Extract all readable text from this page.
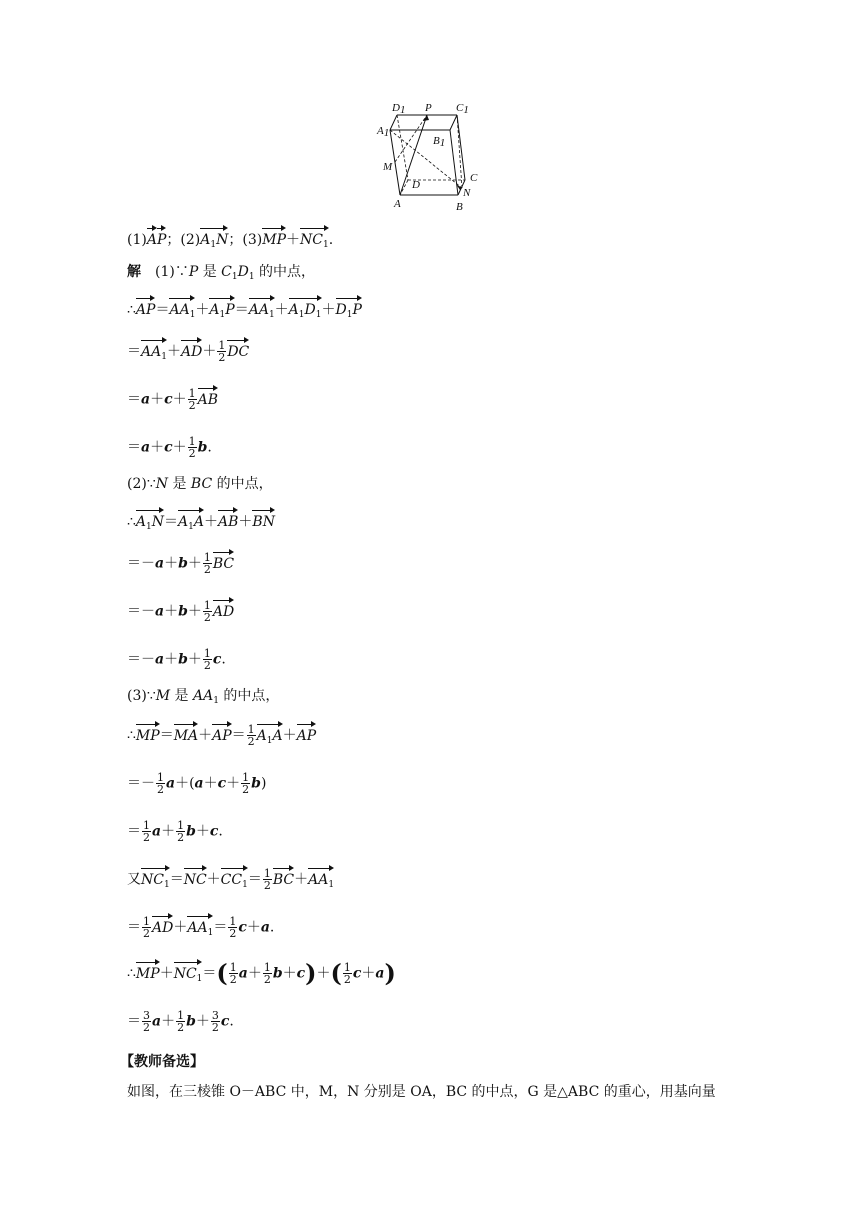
D1 P C1
A1
B1
M
D
C
N
A	B
(1)AP；$(2)A_1N$；$(3)MP+NC_1$.
解　(1)∵P 是 $C_1D_1$ 的中点，
$\therefore AP=AA_1+A_1P=AA_1+A_1D_1+D_1P$
$=AA_1+AD+ \frac{1}{2}$ DC
$=a+c+ \frac{1}{2}$ AB
$=a+c+ \frac{1}{2} b$.
(2)∵N 是 BC 的中点，
$\therefore A_1N=A_1A+AB+BN$
$=-a+b+ \frac{1}{2}$ BC
$=-a+b+ \frac{1}{2}$ AD
$=-a+b+ \frac{1}{2} c$.
(3)∵M 是 $AA_1$ 的中点，
∴MP＝MA＋AP＝ $\frac{1}{2} A_1A+AP$
＝－ $\frac{1}{2} a+(a+c+ \frac{1}{2} b)$
＝ $\frac{1}{2} a+ \frac{1}{2} b+c$.
又$NC_1=NC+CC_1= \frac{1}{2} BC+AA_1$
＝ $\frac{1}{2} AD+AA_1= \frac{1}{2} c+a$.
$\therefore MP+NC_1=( \frac{1}{2} a+ \frac{1}{2} b+c)+( \frac{1}{2} c+a)$
＝ $\frac{3}{2} a+ \frac{1}{2} b+ \frac{3}{2} c$.
【教师备选】
如图，在三棱锥 O－ABC 中，M，N 分别是 OA，BC 的中点，G 是△ABC 的重心，用基向量
